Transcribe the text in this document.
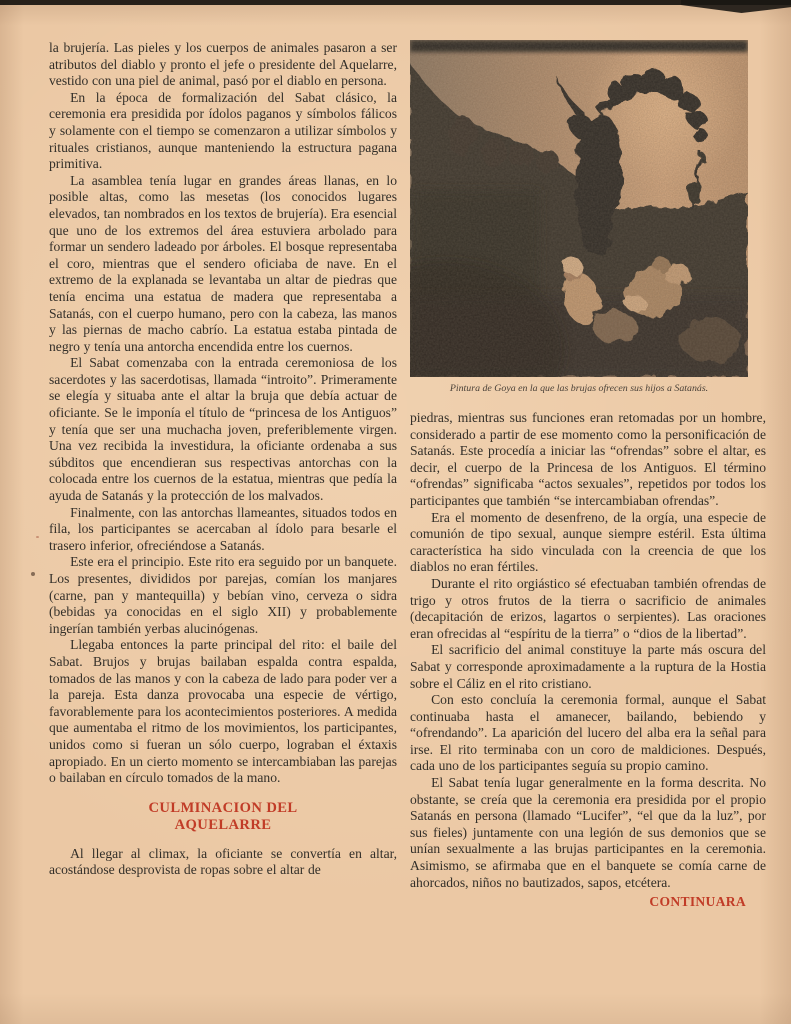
la brujería. Las pieles y los cuerpos de animales pasaron a ser atributos del diablo y pronto el jefe o presidente del Aquelarre, vestido con una piel de animal, pasó por el diablo en persona.

En la época de formalización del Sabat clásico, la ceremonia era presidida por ídolos paganos y símbolos fálicos y solamente con el tiempo se comenzaron a utilizar símbolos y rituales cristianos, aunque manteniendo la estructura pagana primitiva.

La asamblea tenía lugar en grandes áreas llanas, en lo posible altas, como las mesetas (los conocidos lugares elevados, tan nombrados en los textos de brujería). Era esencial que uno de los extremos del área estuviera arbolado para formar un sendero ladeado por árboles. El bosque representaba el coro, mientras que el sendero oficiaba de nave. En el extremo de la explanada se levantaba un altar de piedras que tenía encima una estatua de madera que representaba a Satanás, con el cuerpo humano, pero con la cabeza, las manos y las piernas de macho cabrío. La estatua estaba pintada de negro y tenía una antorcha encendida entre los cuernos.

El Sabat comenzaba con la entrada ceremoniosa de los sacerdotes y las sacerdotisas, llamada “introito”. Primeramente se elegía y situaba ante el altar la bruja que debía actuar de oficiante. Se le imponía el título de “princesa de los Antiguos” y tenía que ser una muchacha joven, preferiblemente virgen. Una vez recibida la investidura, la oficiante ordenaba a sus súbditos que encendieran sus respectivas antorchas con la colocada entre los cuernos de la estatua, mientras que pedía la ayuda de Satanás y la protección de los malvados.

Finalmente, con las antorchas llameantes, situados todos en fila, los participantes se acercaban al ídolo para besarle el trasero inferior, ofreciéndose a Satanás.

Este era el principio. Este rito era seguido por un banquete. Los presentes, divididos por parejas, comían los manjares (carne, pan y mantequilla) y bebían vino, cerveza o sidra (bebidas ya conocidas en el siglo XII) y probablemente ingerían también yerbas alucinógenas.

Llegaba entonces la parte principal del rito: el baile del Sabat. Brujos y brujas bailaban espalda contra espalda, tomados de las manos y con la cabeza de lado para poder ver a la pareja. Esta danza provocaba una especie de vértigo, favorablemente para los acontecimientos posteriores. A medida que aumentaba el ritmo de los movimientos, los participantes, unidos como si fueran un sólo cuerpo, lograban el éxtaxis apropiado. En un cierto momento se intercambiaban las parejas o bailaban en círculo tomados de la mano.

CULMINACION DEL
AQUELARRE

Al llegar al climax, la oficiante se convertía en altar, acostándose desprovista de ropas sobre el altar de

Pintura de Goya en la que las brujas ofrecen sus hijos a Satanás.

piedras, mientras sus funciones eran retomadas por un hombre, considerado a partir de ese momento como la personificación de Satanás. Este procedía a iniciar las “ofrendas” sobre el altar, es decir, el cuerpo de la Princesa de los Antiguos. El término “ofrendas” significaba “actos sexuales”, repetidos por todos los participantes que también “se intercambiaban ofrendas”.

Era el momento de desenfreno, de la orgía, una especie de comunión de tipo sexual, aunque siempre estéril. Esta última característica ha sido vinculada con la creencia de que los diablos no eran fértiles.

Durante el rito orgiástico sé efectuaban también ofrendas de trigo y otros frutos de la tierra o sacrificio de animales (decapitación de erizos, lagartos o serpientes). Las oraciones eran ofrecidas al “espíritu de la tierra” o “dios de la libertad”.

El sacrificio del animal constituye la parte más oscura del Sabat y corresponde aproximadamente a la ruptura de la Hostia sobre el Cáliz en el rito cristiano.

Con esto concluía la ceremonia formal, aunque el Sabat continuaba hasta el amanecer, bailando, bebiendo y “ofrendando”. La aparición del lucero del alba era la señal para irse. El rito terminaba con un coro de maldiciones. Después, cada uno de los participantes seguía su propio camino.

El Sabat tenía lugar generalmente en la forma descrita. No obstante, se creía que la ceremonia era presidida por el propio Satanás en persona (llamado “Lucifer”, “el que da la luz”, por sus fieles) juntamente con una legión de sus demonios que se unían sexualmente a las brujas participantes en la ceremonia. Asimismo, se afirmaba que en el banquete se comía carne de ahorcados, niños no bautizados, sapos, etcétera.

CONTINUARA
